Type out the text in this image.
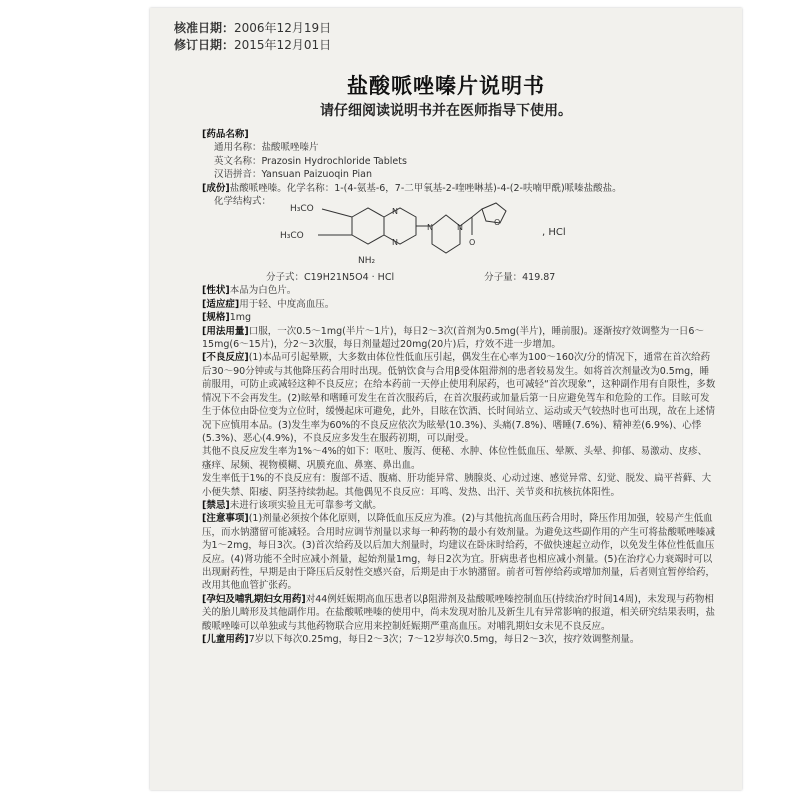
核准日期：2006年12月19日
修订日期：2015年12月01日
盐酸哌唑嗪片说明书
请仔细阅读说明书并在医师指导下使用。

[药品名称]

通用名称：盐酸哌唑嗪片

英文名称：Prazosin Hydrochloride Tablets

汉语拼音：Yansuan Paizuoqin Pian

[成份]盐酸哌唑嗪。化学名称：1-(4-氨基-6，7-二甲氧基-2-喹唑啉基)-4-(2-呋喃甲酰)哌嗪盐酸盐。

化学结构式：
H₃CO
H₃CO
N
N
N	N
O
O
NH₂
, HCl
分子式：C19H21N5O4 · HCl	分子量：419.87

[性状]本品为白色片。

[适应症]用于轻、中度高血压。

[规格]1mg

[用法用量]口服，一次0.5～1mg(半片～1片)，每日2～3次(首剂为0.5mg(半片)，睡前服)。逐渐按疗效调整为一日6～15mg(6～15片)，分2～3次服，每日剂量超过20mg(20片)后，疗效不进一步增加。

[不良反应](1)本品可引起晕厥，大多数由体位性低血压引起，偶发生在心率为100～160次/分的情况下，通常在首次给药后30～90分钟或与其他降压药合用时出现。低钠饮食与合用β受体阻滞剂的患者较易发生。如将首次剂量改为0.5mg，睡前服用，可防止或减轻这种不良反应；在给本药前一天停止使用利尿药，也可减轻“首次现象”，这种副作用有自限性，多数情况下不会再发生。(2)眩晕和嗜睡可发生在首次服药后，在首次服药或加量后第一日应避免驾车和危险的工作。目眩可发生于体位由卧位变为立位时，缓慢起床可避免，此外，目眩在饮酒、长时间站立、运动或天气较热时也可出现，故在上述情况下应慎用本品。(3)发生率为60%的不良反应依次为眩晕(10.3%)、头痛(7.8%)、嗜睡(7.6%)、精神差(6.9%)、心悸(5.3%)、恶心(4.9%)，不良反应多发生在服药初期，可以耐受。

其他不良反应发生率为1%～4%的如下：呕吐、腹泻、便秘、水肿、体位性低血压、晕厥、头晕、抑郁、易激动、皮疹、瘙痒、尿频、视物模糊、巩膜充血、鼻塞、鼻出血。

发生率低于1%的不良反应有：腹部不适、腹痛、肝功能异常、胰腺炎、心动过速、感觉异常、幻觉、脱发、扁平苔藓、大小便失禁、阳痿、阴茎持续勃起。其他偶见不良反应：耳鸣、发热、出汗、关节炎和抗核抗体阳性。

[禁忌]未进行该项实验且无可靠参考文献。

[注意事项](1)剂量必须按个体化原则，以降低血压反应为准。(2)与其他抗高血压药合用时，降压作用加强，较易产生低血压，而水钠潴留可能减轻。合用时应调节剂量以求每一种药物的最小有效剂量。为避免这些副作用的产生可将盐酸哌唑嗪减为1～2mg，每日3次。(3)首次给药及以后加大剂量时，均建议在卧床时给药，不做快速起立动作，以免发生体位性低血压反应。(4)肾功能不全时应减小剂量，起始剂量1mg，每日2次为宜。肝病患者也相应减小剂量。(5)在治疗心力衰竭时可以出现耐药性，早期是由于降压后反射性交感兴奋，后期是由于水钠潴留。前者可暂停给药或增加剂量，后者则宜暂停给药，改用其他血管扩张药。

[孕妇及哺乳期妇女用药]对44例妊娠期高血压患者以β阻滞剂及盐酸哌唑嗪控制血压(持续治疗时间14周)，未发现与药物相关的胎儿畸形及其他副作用。在盐酸哌唑嗪的使用中，尚未发现对胎儿及新生儿有异常影响的报道，相关研究结果表明，盐酸哌唑嗪可以单独或与其他药物联合应用来控制妊娠期严重高血压。对哺乳期妇女未见不良反应。

[儿童用药]7岁以下每次0.25mg，每日2～3次；7～12岁每次0.5mg，每日2～3次，按疗效调整剂量。
